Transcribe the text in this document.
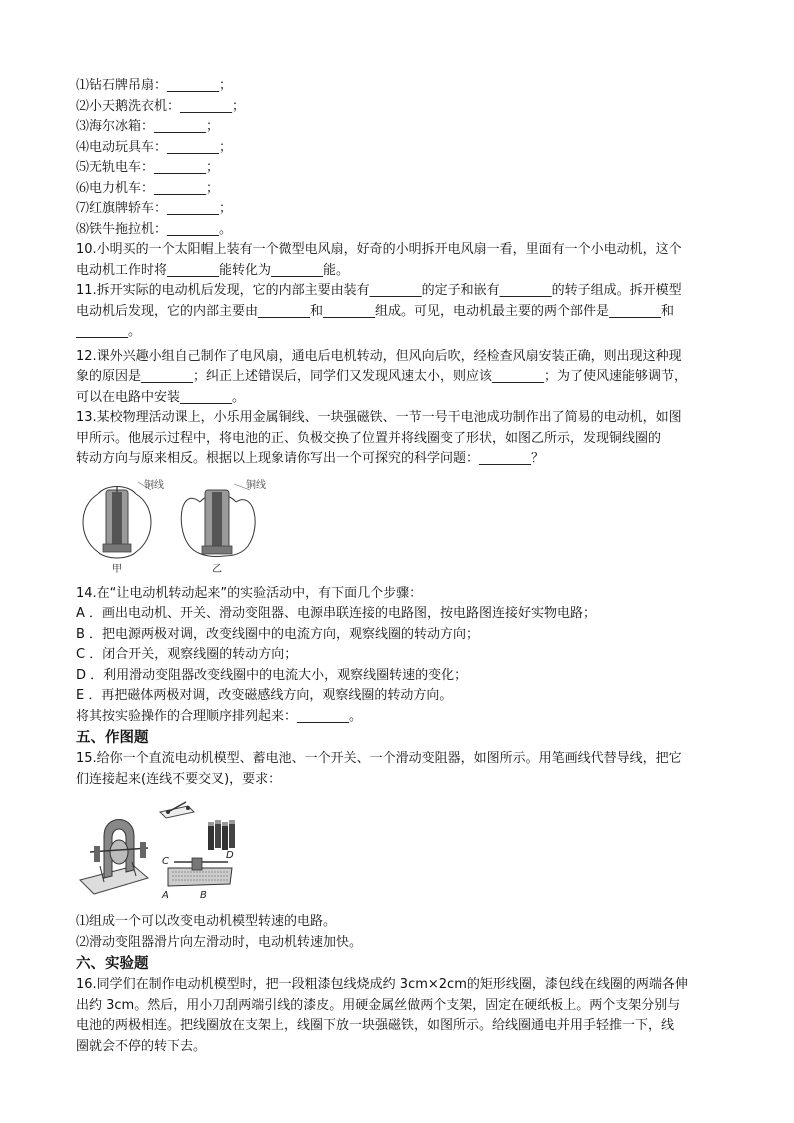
⑴钻石牌吊扇：________；
⑵小天鹅洗衣机：________；
⑶海尔冰箱：________；
⑷电动玩具车：________；
⑸无轨电车：________；
⑹电力机车：________；
⑺红旗牌轿车：________；
⑻铁牛拖拉机：________。
10.小明买的一个太阳帽上装有一个微型电风扇，好奇的小明拆开电风扇一看，里面有一个小电动机，这个
电动机工作时将________能转化为________能。
11.拆开实际的电动机后发现，它的内部主要由装有________的定子和嵌有________的转子组成。拆开模型
电动机后发现，它的内部主要由________和________组成。可见，电动机最主要的两个部件是________和
________。
12.课外兴趣小组自己制作了电风扇，通电后电机转动，但风向后吹，经检查风扇安装正确，则出现这种现
象的原因是________；纠正上述错误后，同学们又发现风速太小，则应该________；为了使风速能够调节，
可以在电路中安装________。
13.某校物理活动课上，小乐用金属铜线、一块强磁铁、一节一号干电池成功制作出了简易的电动机，如图
甲所示。他展示过程中，将电池的正、负极交换了位置并将线圈变了形状，如图乙所示，发现铜线圈的
转动方向与原来相反。根据以上现象请你写出一个可探究的科学问题：________？
铜线
甲
铜线
乙
14.在“让电动机转动起来”的实验活动中，有下面几个步骤：
A ．画出电动机、开关、滑动变阻器、电源串联连接的电路图，按电路图连接好实物电路；
B ．把电源两极对调，改变线圈中的电流方向，观察线圈的转动方向；
C ．闭合开关，观察线圈的转动方向；
D ．利用滑动变阻器改变线圈中的电流大小，观察线圈转速的变化；
E ．再把磁体两极对调，改变磁感线方向，观察线圈的转动方向。
将其按实验操作的合理顺序排列起来：________。
五、作图题
15.给你一个直流电动机模型、蓄电池、一个开关、一个滑动变阻器，如图所示。用笔画线代替导线，把它
们连接起来(连线不要交叉)，要求：
C
D
A	B
⑴组成一个可以改变电动机模型转速的电路。
⑵滑动变阻器滑片向左滑动时，电动机转速加快。
六、实验题
16.同学们在制作电动机模型时，把一段粗漆包线烧成约 3cm×2cm的矩形线圈，漆包线在线圈的两端各伸
出约 3cm。然后，用小刀刮两端引线的漆皮。用硬金属丝做两个支架，固定在硬纸板上。两个支架分别与
电池的两极相连。把线圈放在支架上，线圈下放一块强磁铁，如图所示。给线圈通电并用手轻推一下，线
圈就会不停的转下去。
